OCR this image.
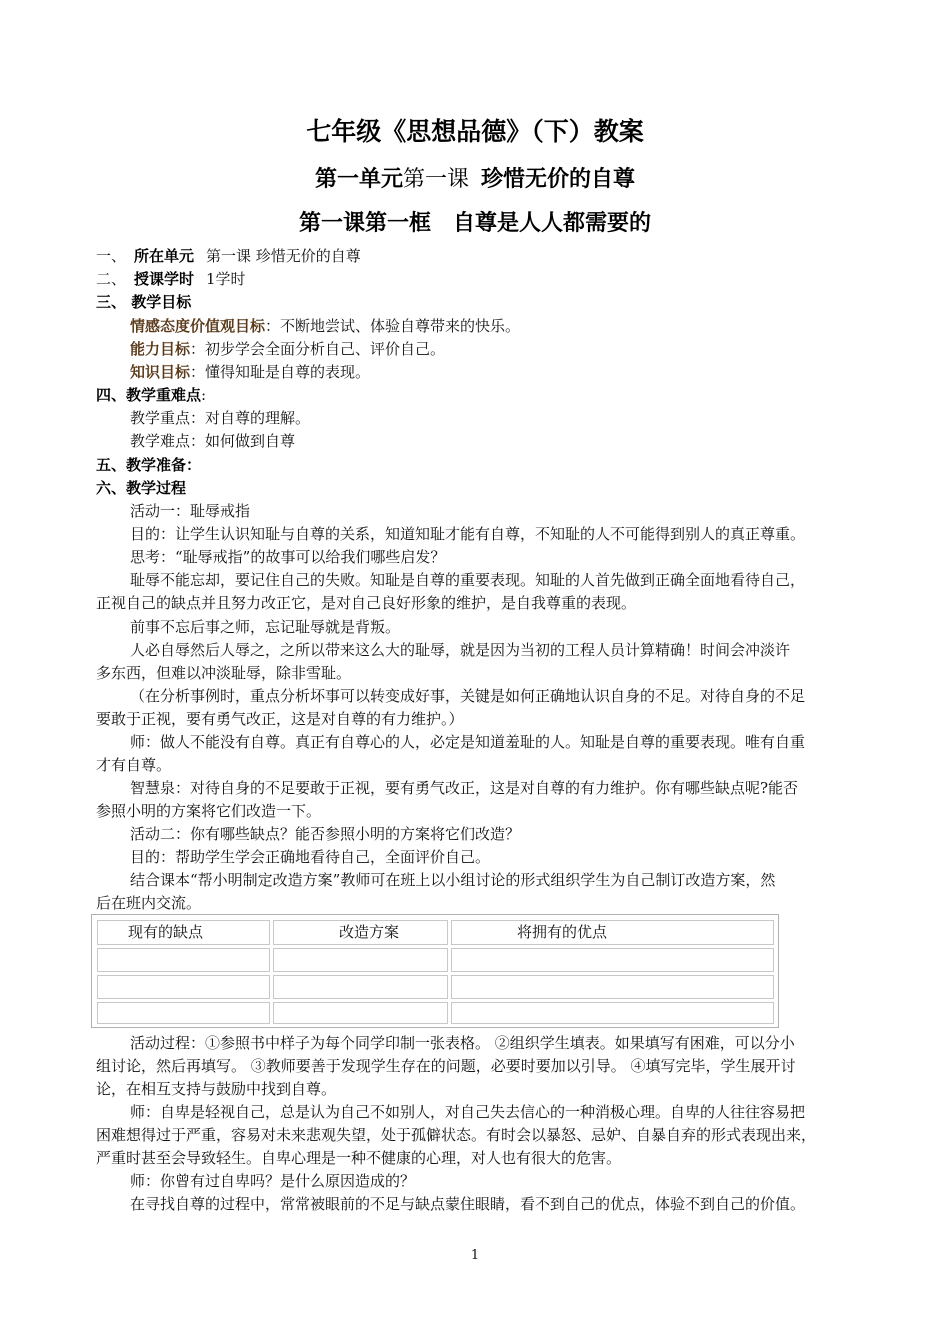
七年级《思想品德》（下）教案
第一单元第一课 珍惜无价的自尊
第一课第一框　自尊是人人都需要的
一、 所在单元 第一课 珍惜无价的自尊
二、 授课学时 1学时
三、 教学目标
情感态度价值观目标：不断地尝试、体验自尊带来的快乐。
能力目标：初步学会全面分析自己、评价自己。
知识目标：懂得知耻是自尊的表现。
四、教学重难点:
教学重点：对自尊的理解。
教学难点：如何做到自尊
五、教学准备：
六、教学过程
活动一：耻辱戒指
目的：让学生认识知耻与自尊的关系，知道知耻才能有自尊，不知耻的人不可能得到别人的真正尊重。
思考：“耻辱戒指”的故事可以给我们哪些启发？
耻辱不能忘却，要记住自己的失败。知耻是自尊的重要表现。知耻的人首先做到正确全面地看待自己，
正视自己的缺点并且努力改正它，是对自己良好形象的维护，是自我尊重的表现。
前事不忘后事之师，忘记耻辱就是背叛。
人必自辱然后人辱之，之所以带来这么大的耻辱，就是因为当初的工程人员计算精确！时间会冲淡许
多东西，但难以冲淡耻辱，除非雪耻。
（在分析事例时，重点分析坏事可以转变成好事，关键是如何正确地认识自身的不足。对待自身的不足
要敢于正视，要有勇气改正，这是对自尊的有力维护。）
师：做人不能没有自尊。真正有自尊心的人，必定是知道羞耻的人。知耻是自尊的重要表现。唯有自重
才有自尊。
智慧泉：对待自身的不足要敢于正视，要有勇气改正，这是对自尊的有力维护。你有哪些缺点呢?能否
参照小明的方案将它们改造一下。
活动二：你有哪些缺点？能否参照小明的方案将它们改造？
目的：帮助学生学会正确地看待自己，全面评价自己。
结合课本“帮小明制定改造方案”教师可在班上以小组讨论的形式组织学生为自己制订改造方案，然
后在班内交流。
现有的缺点	改造方案	将拥有的优点
活动过程：①参照书中样子为每个同学印制一张表格。 ②组织学生填表。如果填写有困难，可以分小
组讨论，然后再填写。 ③教师要善于发现学生存在的问题，必要时要加以引导。 ④填写完毕，学生展开讨
论，在相互支持与鼓励中找到自尊。
师：自卑是轻视自己，总是认为自己不如别人，对自己失去信心的一种消极心理。自卑的人往往容易把
困难想得过于严重，容易对未来悲观失望，处于孤僻状态。有时会以暴怒、忌妒、自暴自弃的形式表现出来，
严重时甚至会导致轻生。自卑心理是一种不健康的心理，对人也有很大的危害。
师：你曾有过自卑吗？是什么原因造成的？
在寻找自尊的过程中，常常被眼前的不足与缺点蒙住眼睛，看不到自己的优点，体验不到自己的价值。
1
